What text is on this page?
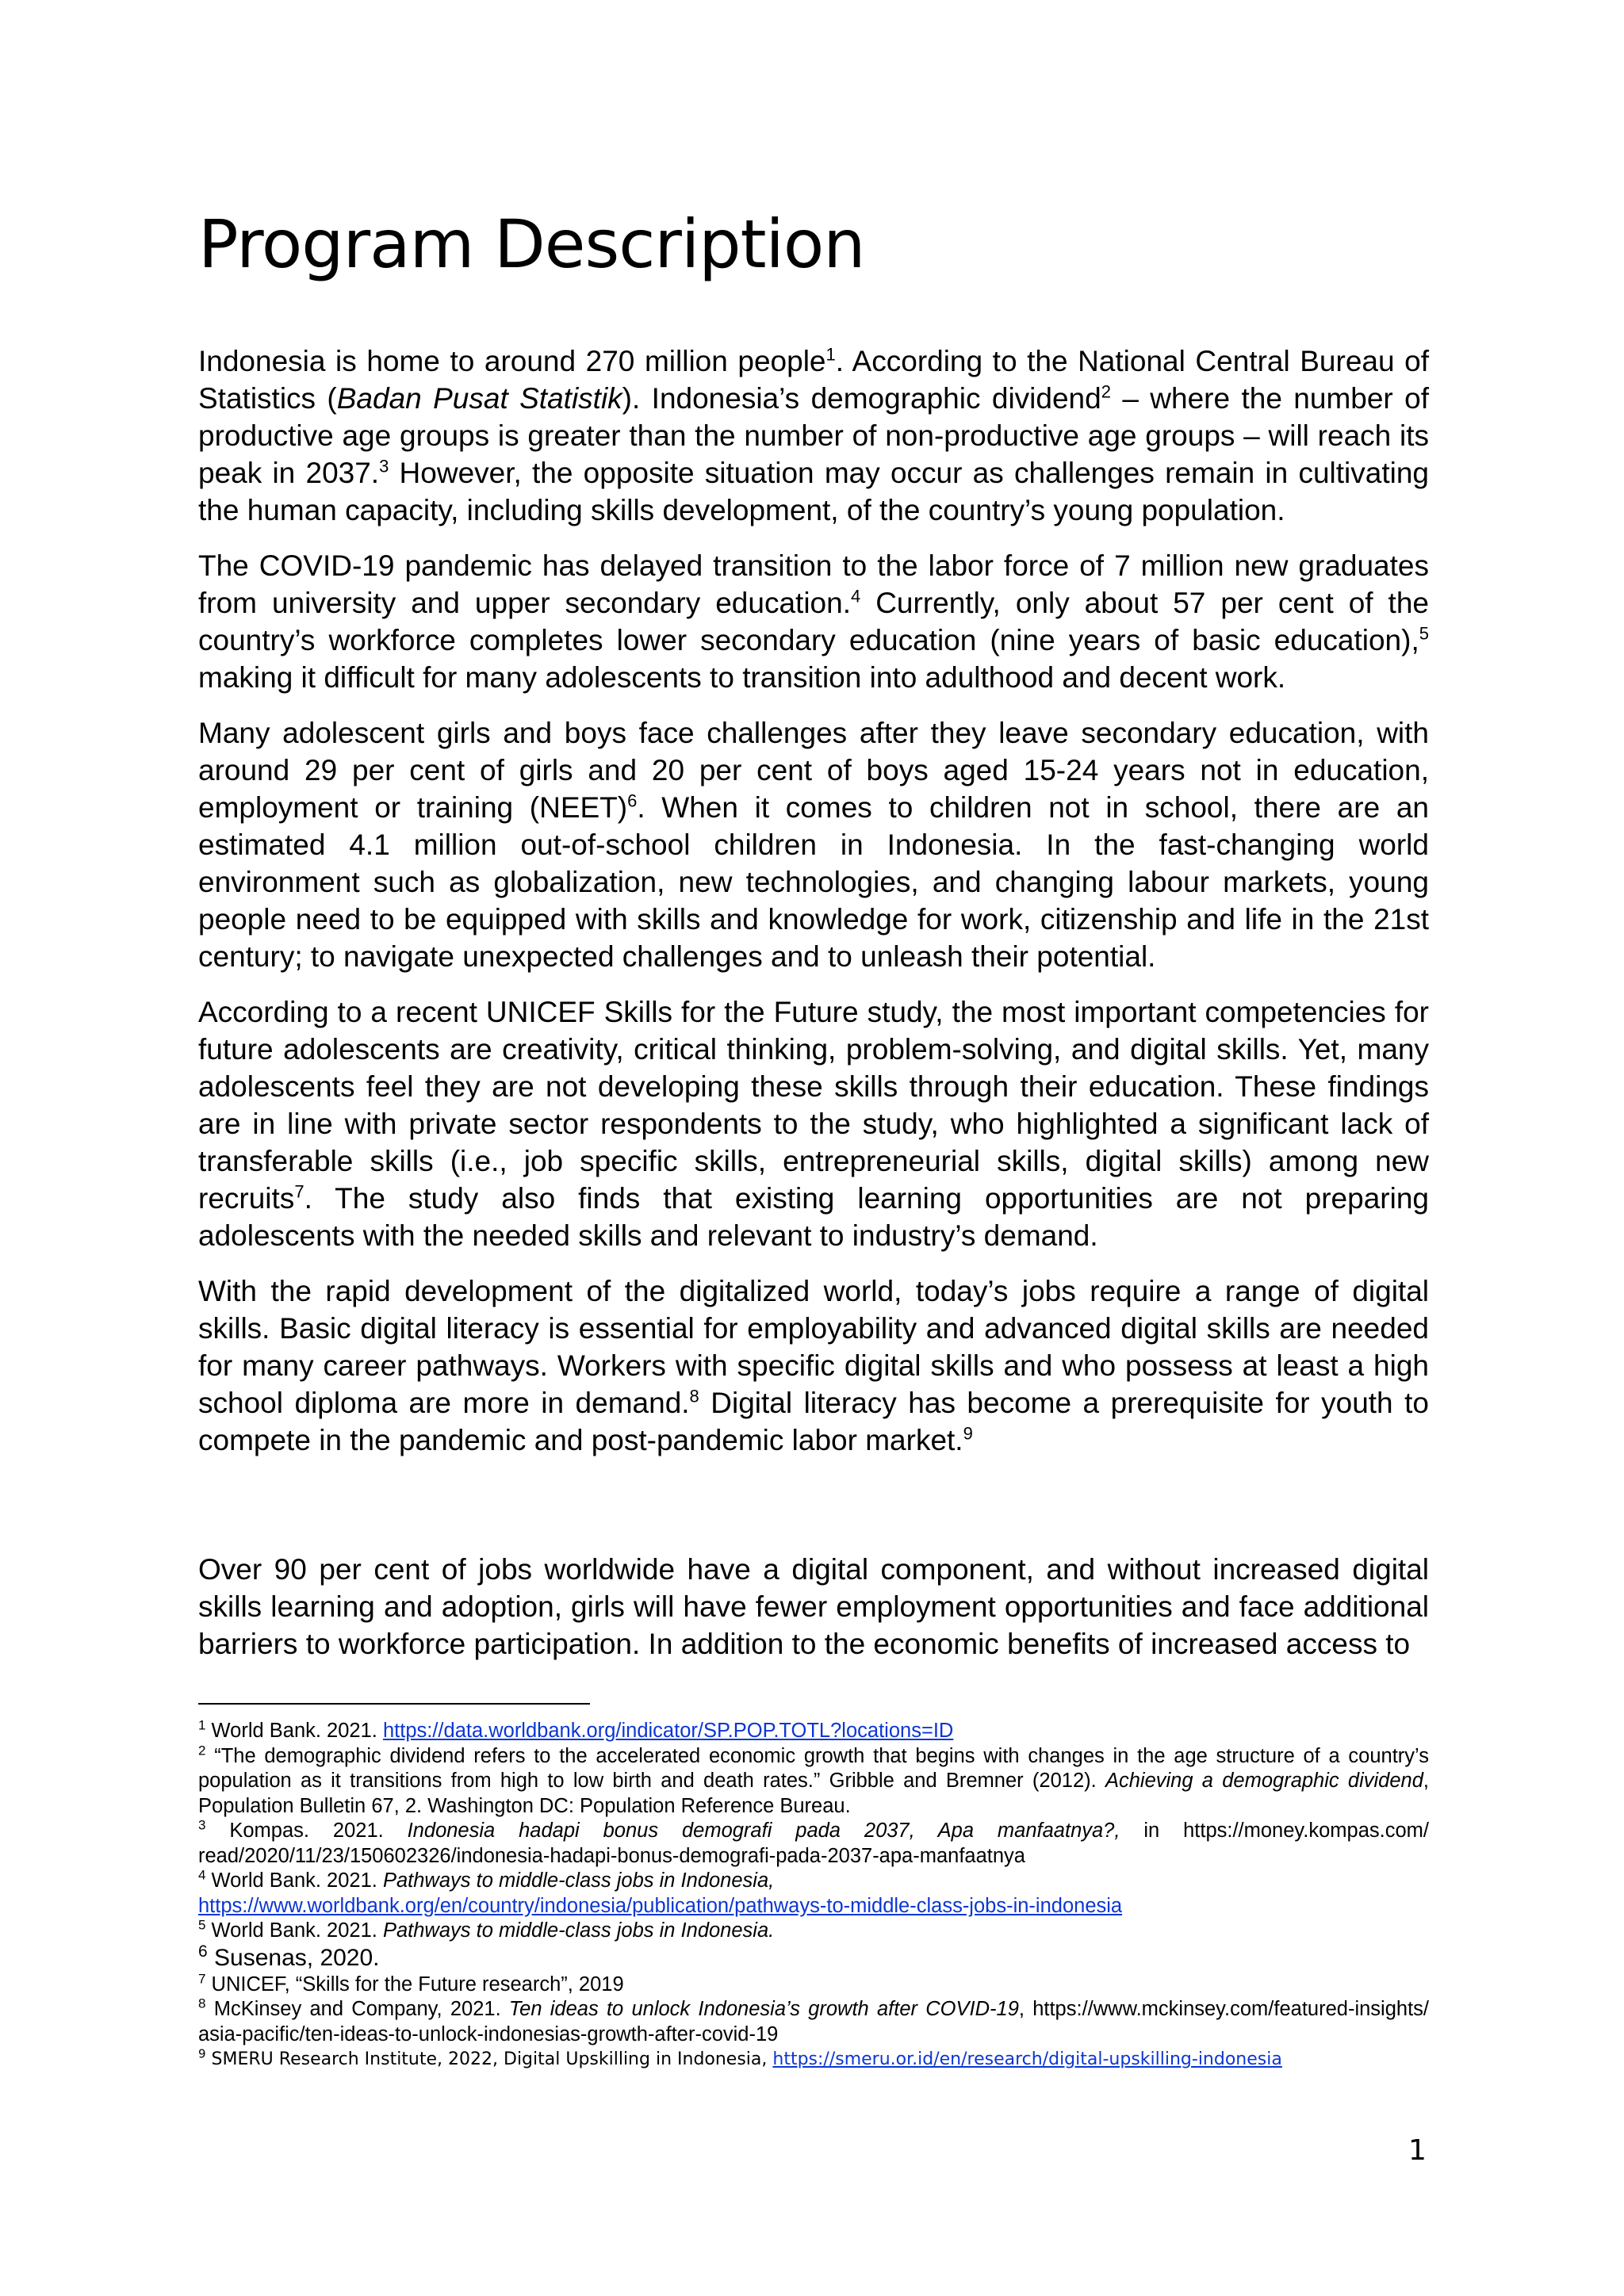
Program Description

Indonesia is home to around 270 million people$^1$. According to the National Central Bureau of Statistics (Badan Pusat Statistik). Indonesia’s demographic dividend$^2$ – where the number of productive age groups is greater than the number of non-productive age groups – will reach its peak in 2037.$^3$ However, the opposite situation may occur as challenges remain in cultivating the human capacity, including skills development, of the country’s young population.

The COVID-19 pandemic has delayed transition to the labor force of 7 million new graduates from university and upper secondary education.$^4$ Currently, only about 57 per cent of the country’s workforce completes lower secondary education (nine years of basic education),$^5$ making it difficult for many adolescents to transition into adulthood and decent work.

Many adolescent girls and boys face challenges after they leave secondary education, with around 29 per cent of girls and 20 per cent of boys aged 15-24 years not in education, employment or training (NEET)$^6$. When it comes to children not in school, there are an estimated 4.1 million out-of-school children in Indonesia. In the fast-changing world environment such as globalization, new technologies, and changing labour markets, young people need to be equipped with skills and knowledge for work, citizenship and life in the 21st century; to navigate unexpected challenges and to unleash their potential.

According to a recent UNICEF Skills for the Future study, the most important competencies for future adolescents are creativity, critical thinking, problem-solving, and digital skills. Yet, many adolescents feel they are not developing these skills through their education. These findings are in line with private sector respondents to the study, who highlighted a significant lack of transferable skills (i.e., job specific skills, entrepreneurial skills, digital skills) among new recruits$^7$. The study also finds that existing learning opportunities are not preparing adolescents with the needed skills and relevant to industry’s demand.

With the rapid development of the digitalized world, today’s jobs require a range of digital skills. Basic digital literacy is essential for employability and advanced digital skills are needed for many career pathways. Workers with specific digital skills and who possess at least a high school diploma are more in demand.$^8$ Digital literacy has become a prerequisite for youth to compete in the pandemic and post-pandemic labor market.$^9$

Over 90 per cent of jobs worldwide have a digital component, and without increased digital skills learning and adoption, girls will have fewer employment opportunities and face additional barriers to workforce participation. In addition to the economic benefits of increased access to

$^1$ World Bank. 2021. https://data.worldbank.org/indicator/SP.POP.TOTL?locations=ID
$^2$ “The demographic dividend refers to the accelerated economic growth that begins with changes in the age structure of a country’s population as it transitions from high to low birth and death rates.” Gribble and Bremner (2012). Achieving a demographic dividend, Population Bulletin 67, 2. Washington DC: Population Reference Bureau.
$^3$ Kompas. 2021. Indonesia hadapi bonus demografi pada 2037, Apa manfaatnya?, in https://money.kompas.com/ read/2020/11/23/150602326/indonesia-hadapi-bonus-demografi-pada-2037-apa-manfaatnya
$^4$ World Bank. 2021. Pathways to middle-class jobs in Indonesia,
https://www.worldbank.org/en/country/indonesia/publication/pathways-to-middle-class-jobs-in-indonesia
$^5$ World Bank. 2021. Pathways to middle-class jobs in Indonesia.
$^6$ Susenas, 2020.
$^7$ UNICEF, “Skills for the Future research”, 2019
$^8$ McKinsey and Company, 2021. Ten ideas to unlock Indonesia’s growth after COVID-19, https://www.mckinsey.com/featured-insights/ asia-pacific/ten-ideas-to-unlock-indonesias-growth-after-covid-19
$^9$ SMERU Research Institute, 2022, Digital Upskilling in Indonesia, https://smeru.or.id/en/research/digital-upskilling-indonesia
1
